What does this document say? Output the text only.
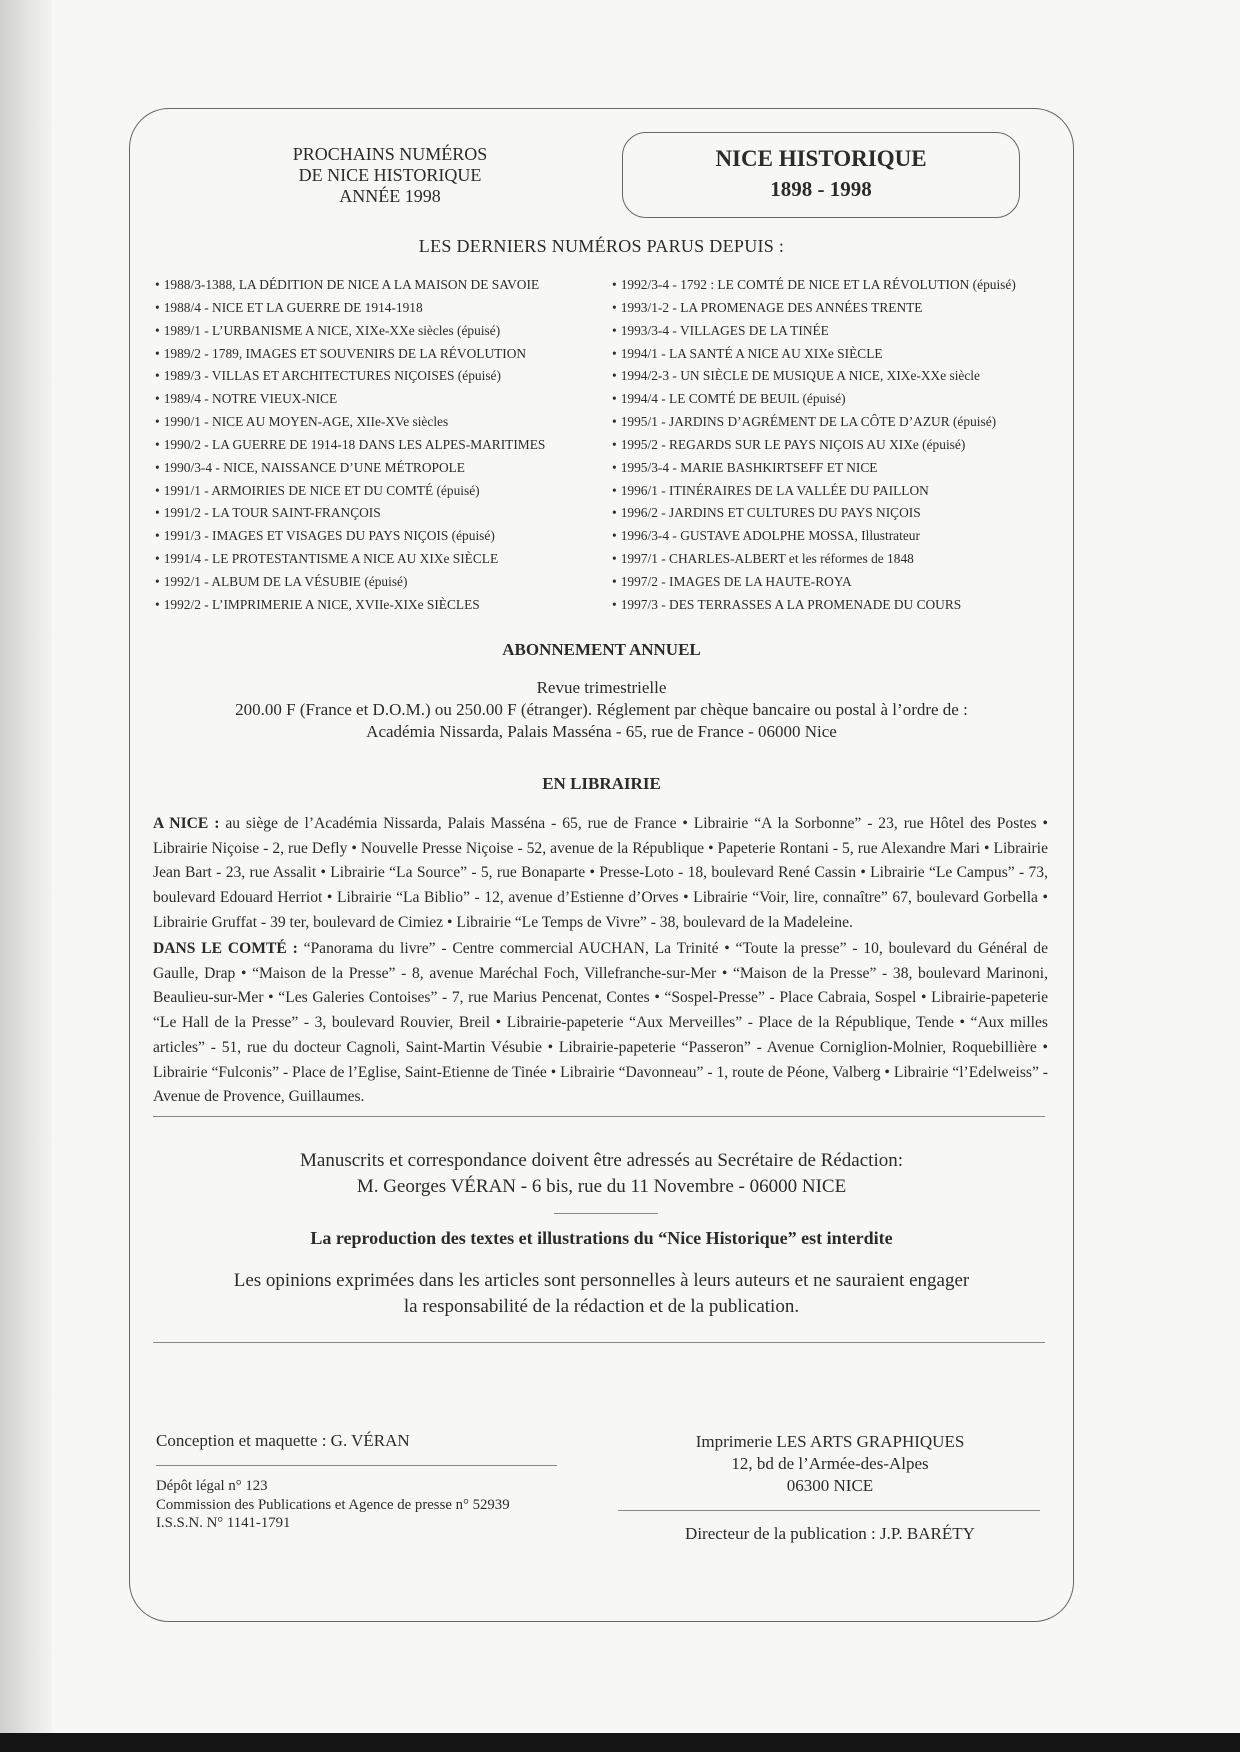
PROCHAINS NUMÉROS
DE NICE HISTORIQUE
ANNÉE 1998
NICE HISTORIQUE
1898 - 1998
LES DERNIERS NUMÉROS PARUS DEPUIS :
• 1988/3-1388, LA DÉDITION DE NICE A LA MAISON DE SAVOIE
• 1988/4 - NICE ET LA GUERRE DE 1914-1918
• 1989/1 - L’URBANISME A NICE, XIXe-XXe siècles (épuisé)
• 1989/2 - 1789, IMAGES ET SOUVENIRS DE LA RÉVOLUTION
• 1989/3 - VILLAS ET ARCHITECTURES NIÇOISES (épuisé)
• 1989/4 - NOTRE VIEUX-NICE
• 1990/1 - NICE AU MOYEN-AGE, XIIe-XVe siècles
• 1990/2 - LA GUERRE DE 1914-18 DANS LES ALPES-MARITIMES
• 1990/3-4 - NICE, NAISSANCE D’UNE MÉTROPOLE
• 1991/1 - ARMOIRIES DE NICE ET DU COMTÉ (épuisé)
• 1991/2 - LA TOUR SAINT-FRANÇOIS
• 1991/3 - IMAGES ET VISAGES DU PAYS NIÇOIS (épuisé)
• 1991/4 - LE PROTESTANTISME A NICE AU XIXe SIÈCLE
• 1992/1 - ALBUM DE LA VÉSUBIE (épuisé)
• 1992/2 - L’IMPRIMERIE A NICE, XVIIe-XIXe SIÈCLES
• 1992/3-4 - 1792 : LE COMTÉ DE NICE ET LA RÉVOLUTION (épuisé)
• 1993/1-2 - LA PROMENAGE DES ANNÉES TRENTE
• 1993/3-4 - VILLAGES DE LA TINÉE
• 1994/1 - LA SANTÉ A NICE AU XIXe SIÈCLE
• 1994/2-3 - UN SIÈCLE DE MUSIQUE A NICE, XIXe-XXe siècle
• 1994/4 - LE COMTÉ DE BEUIL (épuisé)
• 1995/1 - JARDINS D’AGRÉMENT DE LA CÔTE D’AZUR (épuisé)
• 1995/2 - REGARDS SUR LE PAYS NIÇOIS AU XIXe (épuisé)
• 1995/3-4 - MARIE BASHKIRTSEFF ET NICE
• 1996/1 - ITINÉRAIRES DE LA VALLÉE DU PAILLON
• 1996/2 - JARDINS ET CULTURES DU PAYS NIÇOIS
• 1996/3-4 - GUSTAVE ADOLPHE MOSSA, Illustrateur
• 1997/1 - CHARLES-ALBERT et les réformes de 1848
• 1997/2 - IMAGES DE LA HAUTE-ROYA
• 1997/3 - DES TERRASSES A LA PROMENADE DU COURS
ABONNEMENT ANNUEL
Revue trimestrielle
200.00 F (France et D.O.M.) ou 250.00 F (étranger). Réglement par chèque bancaire ou postal à l’ordre de :
Académia Nissarda, Palais Masséna - 65, rue de France - 06000 Nice
EN LIBRAIRIE
A NICE : au siège de l’Académia Nissarda, Palais Masséna - 65, rue de France • Librairie “A la Sorbonne” - 23, rue Hôtel des Postes • Librairie Niçoise - 2, rue Defly • Nouvelle Presse Niçoise - 52, avenue de la République • Papeterie Rontani - 5, rue Alexandre Mari • Librairie Jean Bart - 23, rue Assalit • Librairie “La Source” - 5, rue Bonaparte • Presse-Loto - 18, boulevard René Cassin • Librairie “Le Campus” - 73, boulevard Edouard Herriot • Librairie “La Biblio” - 12, avenue d’Estienne d’Orves • Librairie “Voir, lire, connaître” 67, boulevard Gorbella • Librairie Gruffat - 39 ter, boulevard de Cimiez • Librairie “Le Temps de Vivre” - 38, boulevard de la Madeleine.
DANS LE COMTÉ : “Panorama du livre” - Centre commercial AUCHAN, La Trinité • “Toute la presse” - 10, boulevard du Général de Gaulle, Drap • “Maison de la Presse” - 8, avenue Maréchal Foch, Villefranche-sur-Mer • “Maison de la Presse” - 38, boulevard Marinoni, Beaulieu-sur-Mer • “Les Galeries Contoises” - 7, rue Marius Pencenat, Contes • “Sospel-Presse” - Place Cabraia, Sospel • Librairie-papeterie “Le Hall de la Presse” - 3, boulevard Rouvier, Breil • Librairie-papeterie “Aux Merveilles” - Place de la République, Tende • “Aux milles articles” - 51, rue du docteur Cagnoli, Saint-Martin Vésubie • Librairie-papeterie “Passeron” - Avenue Corniglion-Molnier, Roquebillière • Librairie “Fulconis” - Place de l’Eglise, Saint-Etienne de Tinée • Librairie “Davonneau” - 1, route de Péone, Valberg • Librairie “l’Edelweiss” - Avenue de Provence, Guillaumes.
Manuscrits et correspondance doivent être adressés au Secrétaire de Rédaction:
M. Georges VÉRAN - 6 bis, rue du 11 Novembre - 06000 NICE
La reproduction des textes et illustrations du “Nice Historique” est interdite
Les opinions exprimées dans les articles sont personnelles à leurs auteurs et ne sauraient engager
la responsabilité de la rédaction et de la publication.
Conception et maquette : G. VÉRAN
Dépôt légal n° 123
Commission des Publications et Agence de presse n° 52939
I.S.S.N. N° 1141-1791
Imprimerie LES ARTS GRAPHIQUES
12, bd de l’Armée-des-Alpes
06300 NICE
Directeur de la publication : J.P. BARÉTY
